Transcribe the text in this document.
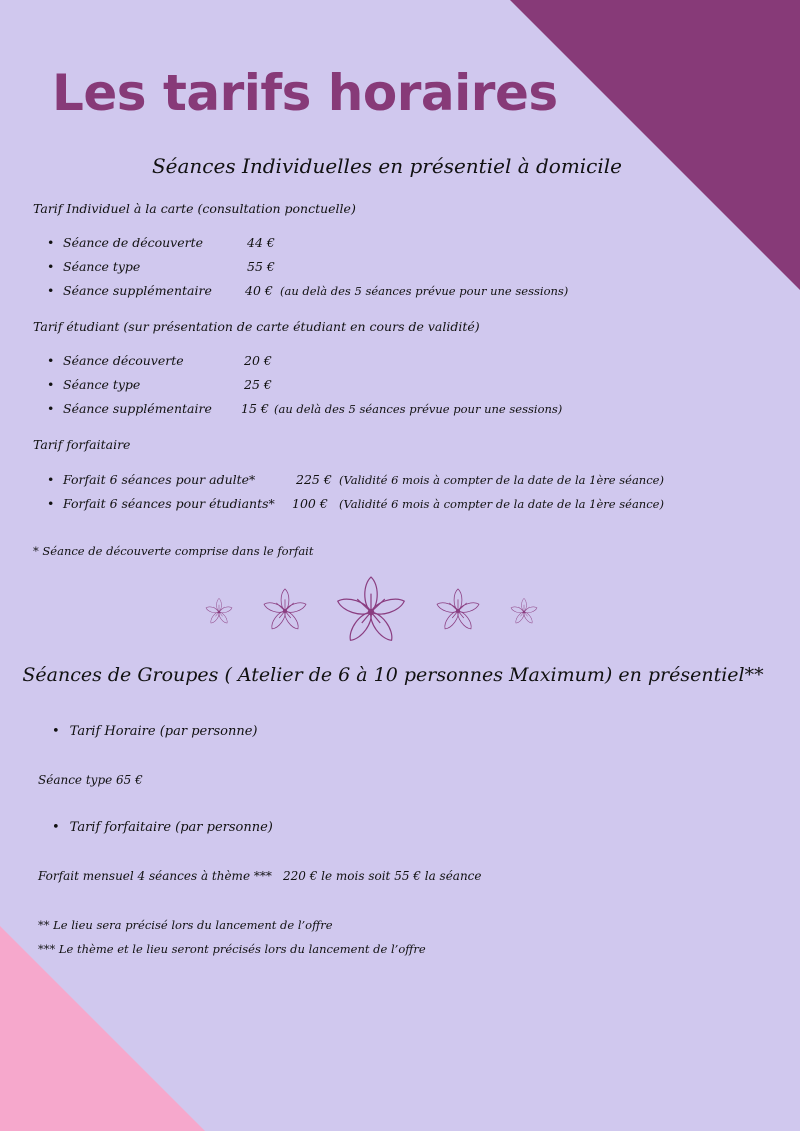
Les tarifs horaires
Séances Individuelles en présentiel à domicile
Tarif Individuel à la carte (consultation ponctuelle)
Séance de découverte	44 €
Séance type	55 €
Séance supplémentaire	40 € (au delà des 5 séances prévue pour une sessions)
Tarif étudiant (sur présentation de carte étudiant en cours de validité)
Séance découverte	20 €
Séance type	25 €
Séance supplémentaire 15 € (au delà des 5 séances prévue pour une sessions)
Tarif forfaitaire
Forfait 6 séances pour adulte*	225 € (Validité 6 mois à compter de la date de la 1ère séance)
Forfait 6 séances pour étudiants* 100 € (Validité 6 mois à compter de la date de la 1ère séance)

* Séance de découverte comprise dans le forfait

Séances de Groupes ( Atelier de 6 à 10 personnes Maximum) en présentiel**

• Tarif Horaire (par personne)

Séance type 65 €

• Tarif forfaitaire (par personne)

Forfait mensuel 4 séances à thème *** 220 € le mois soit 55 € la séance

** Le lieu sera précisé lors du lancement de l’offre

*** Le thème et le lieu seront précisés lors du lancement de l’offre
